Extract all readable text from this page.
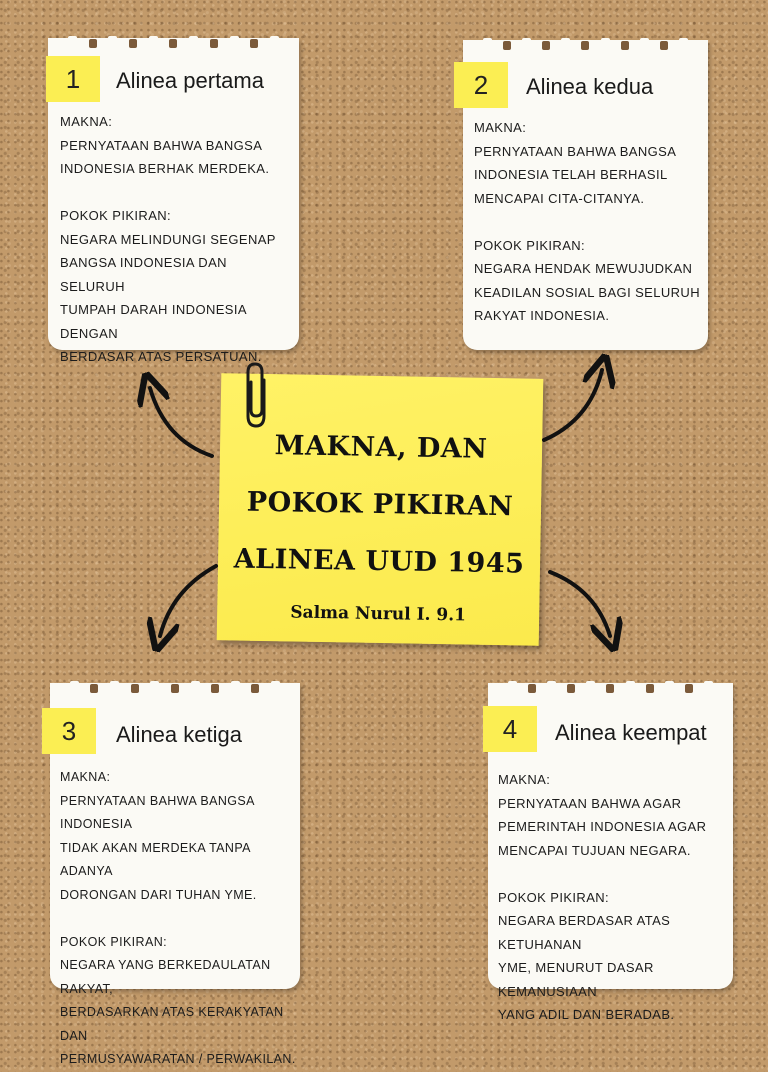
1	Alinea pertama
MAKNA:
PERNYATAAN BAHWA BANGSA
INDONESIA BERHAK MERDEKA.

POKOK PIKIRAN:
NEGARA MELINDUNGI SEGENAP
BANGSA INDONESIA DAN SELURUH
TUMPAH DARAH INDONESIA DENGAN
BERDASAR ATAS PERSATUAN.
2	Alinea kedua
MAKNA:
PERNYATAAN BAHWA BANGSA
INDONESIA TELAH BERHASIL
MENCAPAI CITA-CITANYA.

POKOK PIKIRAN:
NEGARA HENDAK MEWUJUDKAN
KEADILAN SOSIAL BAGI SELURUH
RAKYAT INDONESIA.
3	Alinea ketiga
MAKNA:
PERNYATAAN BAHWA BANGSA INDONESIA
TIDAK AKAN MERDEKA TANPA ADANYA
DORONGAN DARI TUHAN YME.

POKOK PIKIRAN:
NEGARA YANG BERKEDAULATAN RAKYAT,
BERDASARKAN ATAS KERAKYATAN DAN
PERMUSYAWARATAN / PERWAKILAN.
4	Alinea keempat
MAKNA:
PERNYATAAN BAHWA AGAR
PEMERINTAH INDONESIA AGAR
MENCAPAI TUJUAN NEGARA.

POKOK PIKIRAN:
NEGARA BERDASAR ATAS KETUHANAN
YME, MENURUT DASAR KEMANUSIAAN
YANG ADIL DAN BERADAB.
MAKNA, DAN
POKOK PIKIRAN
ALINEA UUD 1945
Salma Nurul I. 9.1
